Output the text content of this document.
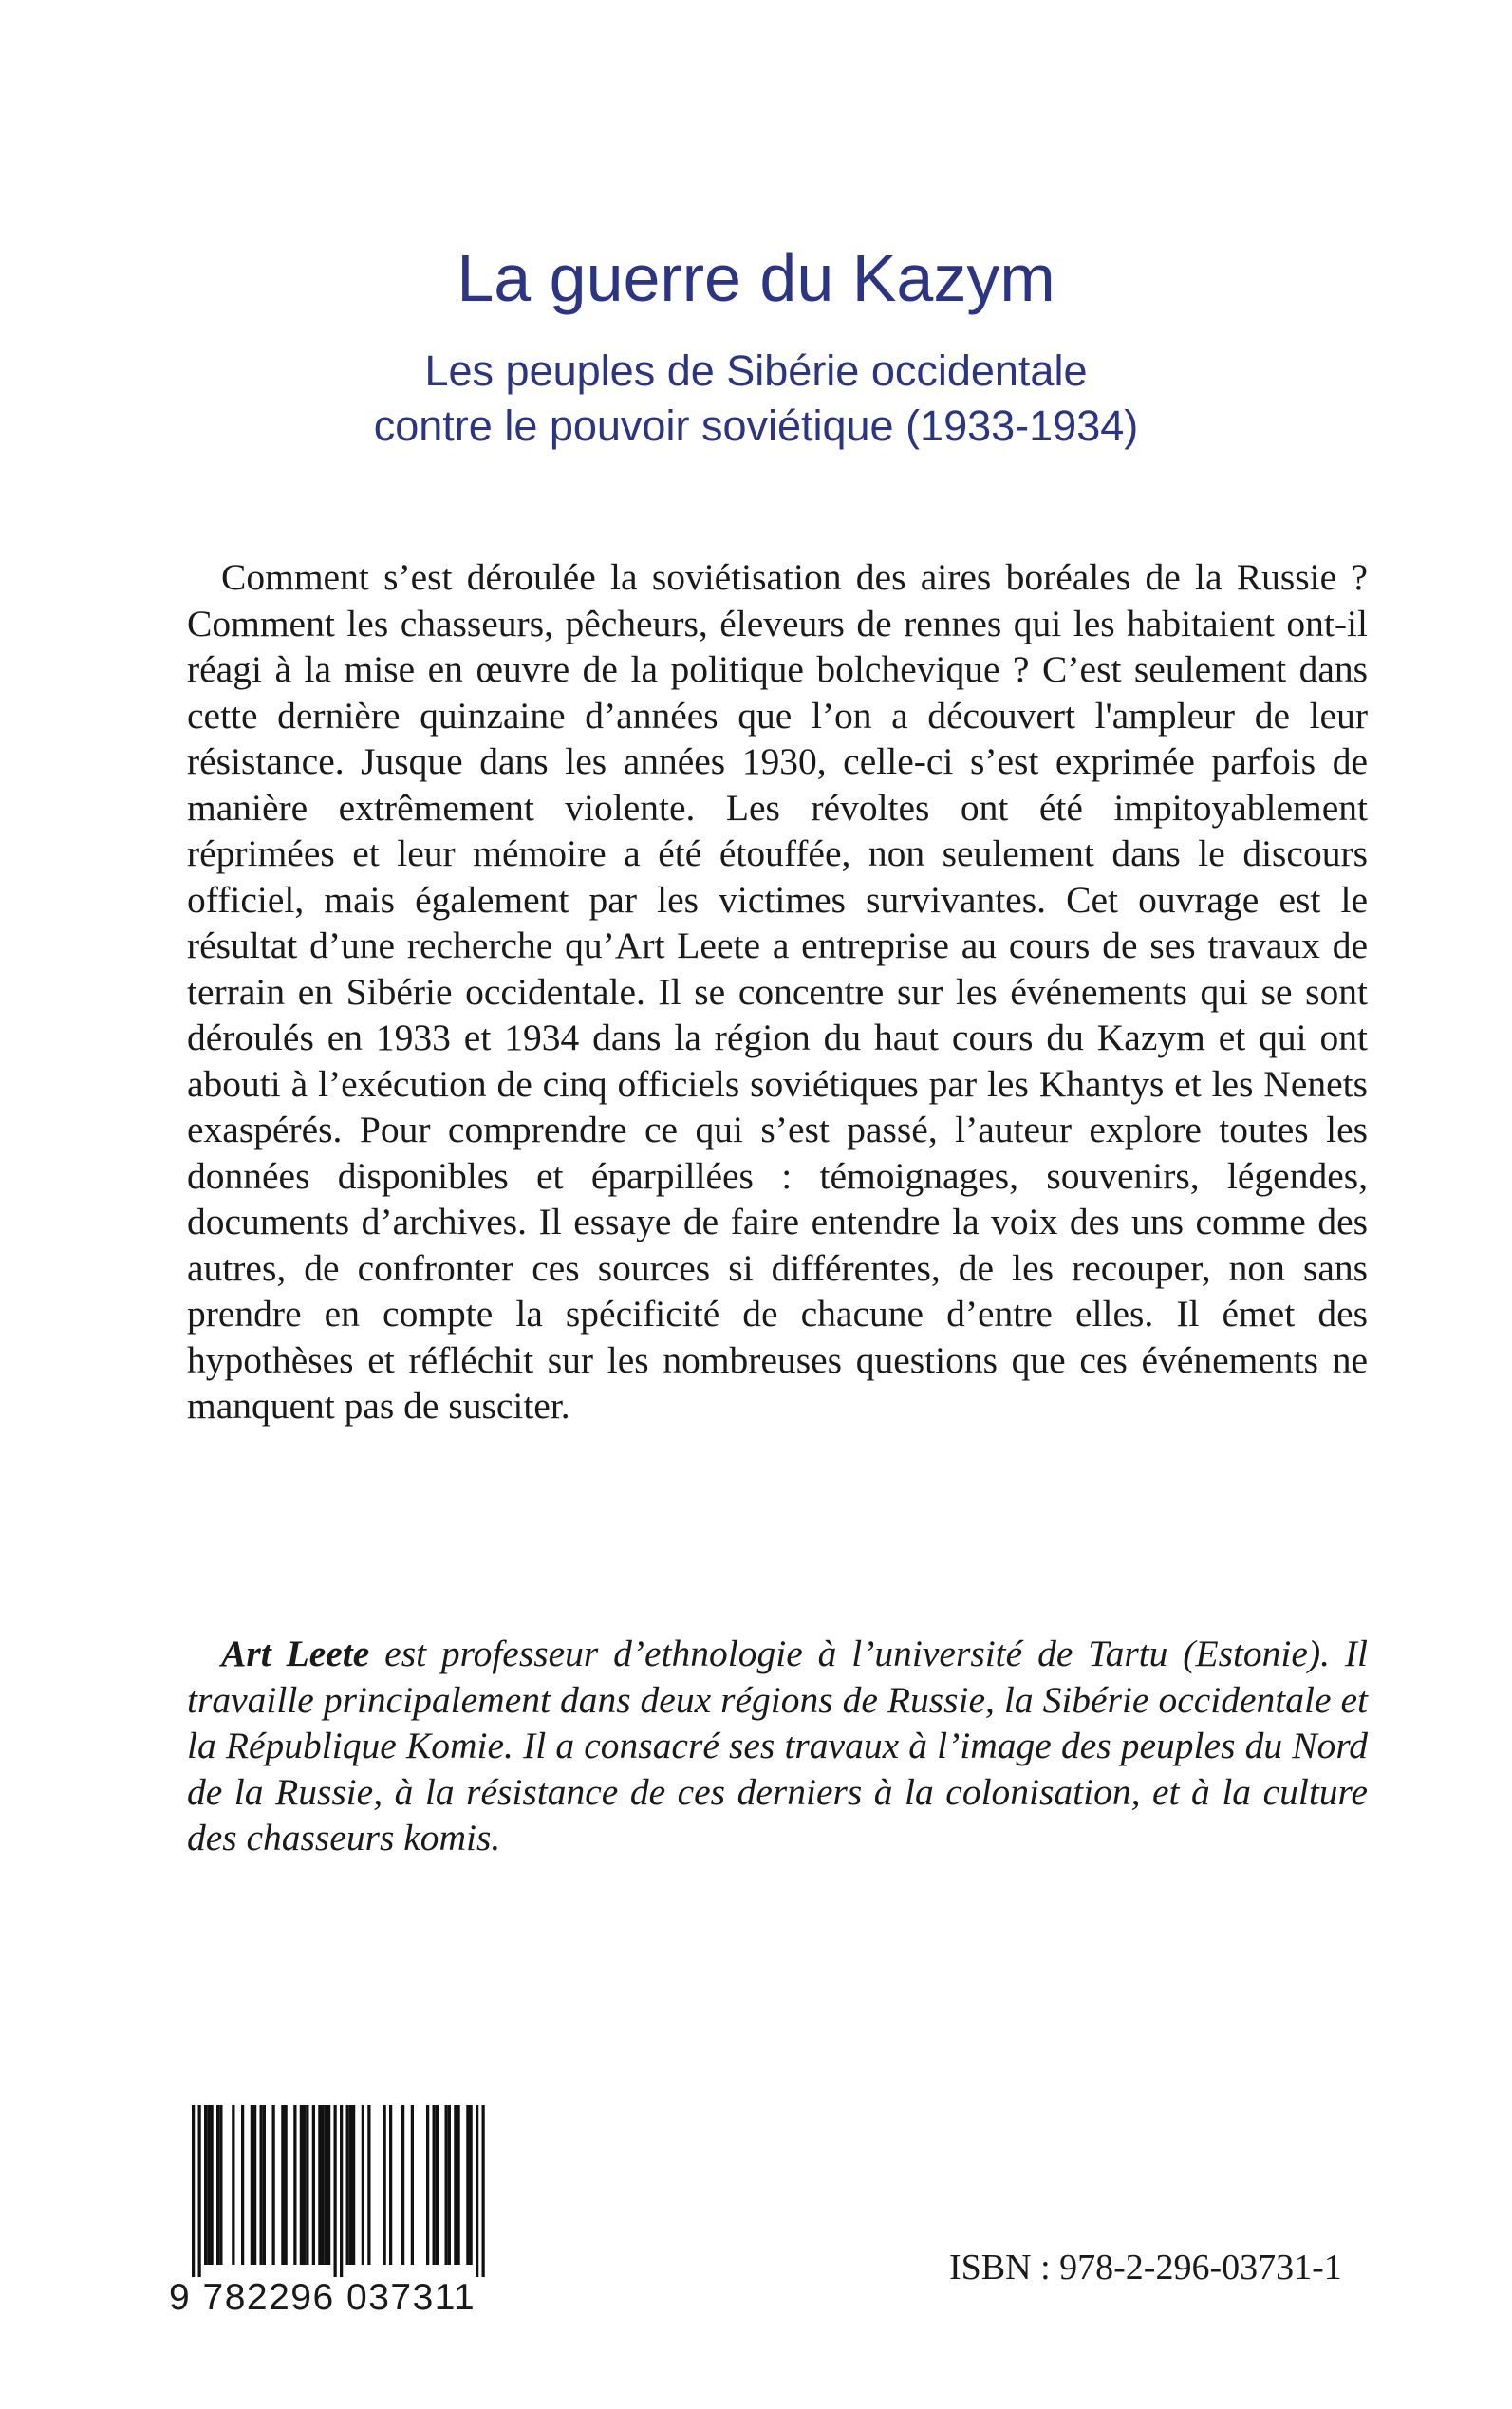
La guerre du Kazym
Les peuples de Sibérie occidentale
contre le pouvoir soviétique (1933-1934)

Comment s’est déroulée la soviétisation des aires boréales de la Russie ? Comment les chasseurs, pêcheurs, éleveurs de rennes qui les habitaient ont-il réagi à la mise en œuvre de la politique bolchevique ? C’est seulement dans cette dernière quinzaine d’années que l’on a découvert l'ampleur de leur résistance. Jusque dans les années 1930, celle-ci s’est exprimée parfois de manière extrêmement violente. Les révoltes ont été impitoyablement réprimées et leur mémoire a été étouffée, non seulement dans le discours officiel, mais également par les victimes survivantes. Cet ouvrage est le résultat d’une recherche qu’Art Leete a entreprise au cours de ses travaux de terrain en Sibérie occidentale. Il se concentre sur les événements qui se sont déroulés en 1933 et 1934 dans la région du haut cours du Kazym et qui ont abouti à l’exécution de cinq officiels soviétiques par les Khantys et les Nenets exaspérés. Pour comprendre ce qui s’est passé, l’auteur explore toutes les données disponibles et éparpillées : témoignages, souvenirs, légendes, documents d’archives. Il essaye de faire entendre la voix des uns comme des autres, de confronter ces sources si différentes, de les recouper, non sans prendre en compte la spécificité de chacune d’entre elles. Il émet des hypothèses et réfléchit sur les nombreuses questions que ces événements ne manquent pas de susciter.

Art Leete est professeur d’ethnologie à l’université de Tartu (Estonie). Il travaille principalement dans deux régions de Russie, la Sibérie occidentale et la République Komie. Il a consacré ses travaux à l’image des peuples du Nord de la Russie, à la résistance de ces derniers à la colonisation, et à la culture des chasseurs komis.

9 782296 037311
ISBN : 978-2-296-03731-1
